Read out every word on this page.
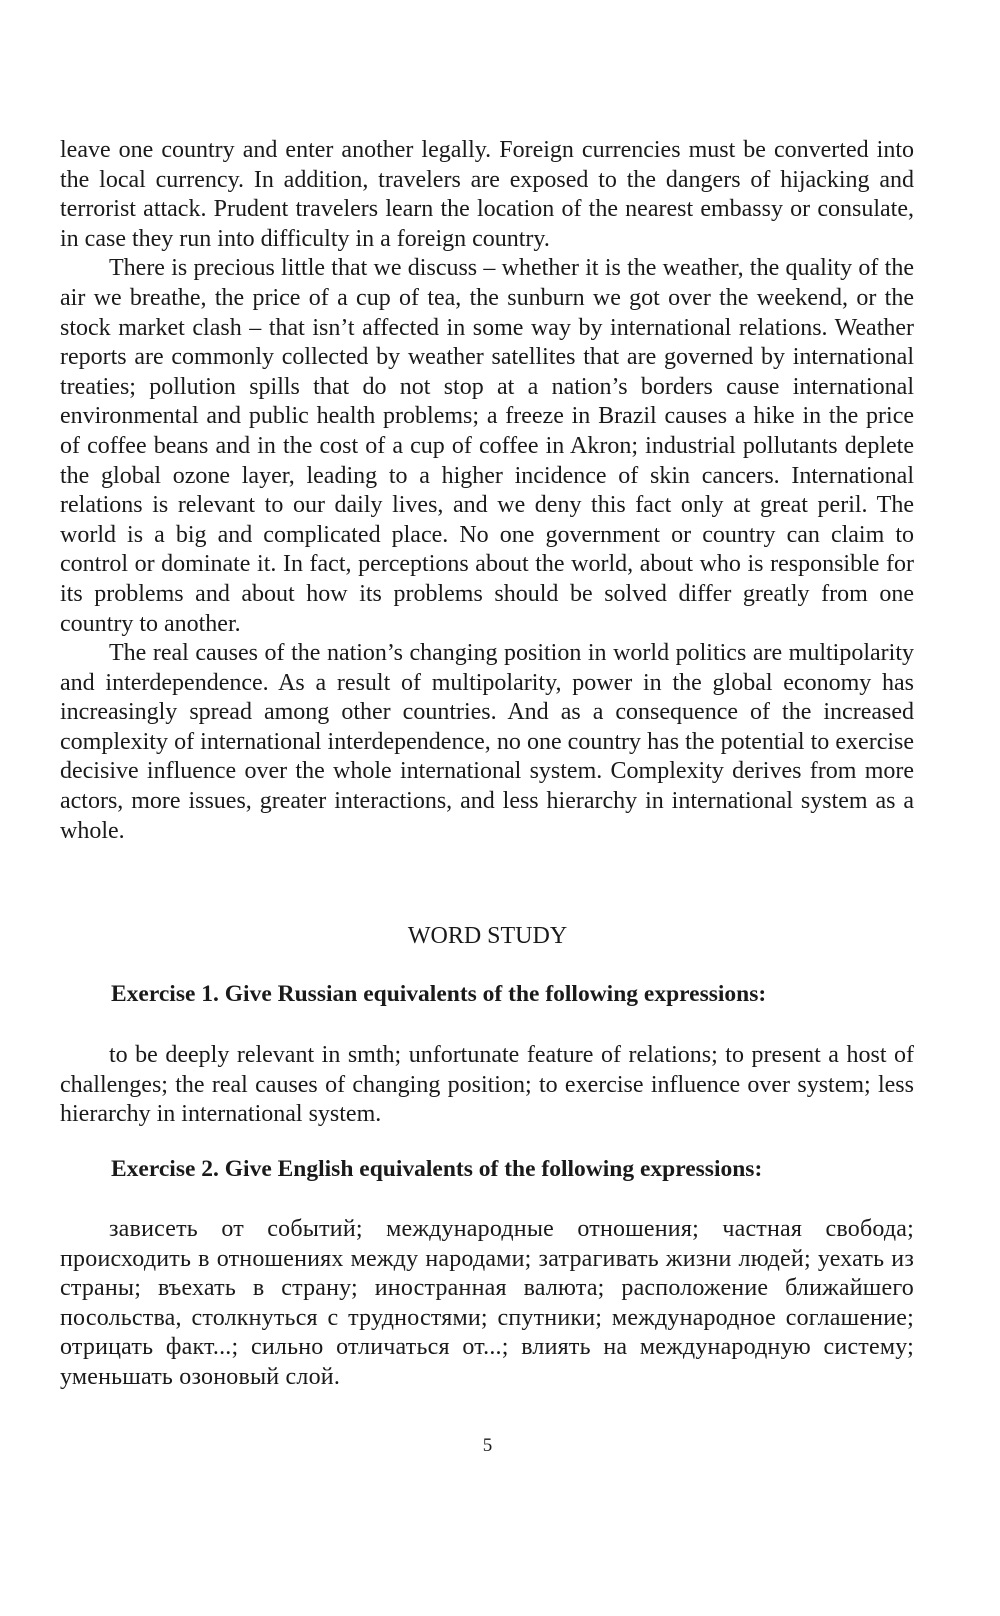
leave one country and enter another legally. Foreign currencies must be converted into the local currency. In addition, travelers are exposed to the dangers of hijacking and terrorist attack. Prudent travelers learn the location of the nearest embassy or consulate, in case they run into difficulty in a foreign country.

There is precious little that we discuss – whether it is the weather, the quality of the air we breathe, the price of a cup of tea, the sunburn we got over the weekend, or the stock market clash – that isn’t affected in some way by international relations. Weather reports are commonly collected by weather satellites that are governed by international treaties; pollution spills that do not stop at a nation’s borders cause international environmental and public health problems; a freeze in Brazil causes a hike in the price of coffee beans and in the cost of a cup of coffee in Akron; industrial pollutants deplete the global ozone layer, leading to a higher incidence of skin cancers. International relations is relevant to our daily lives, and we deny this fact only at great peril. The world is a big and complicated place. No one government or country can claim to control or dominate it. In fact, perceptions about the world, about who is responsible for its problems and about how its problems should be solved differ greatly from one country to another.

The real causes of the nation’s changing position in world politics are multipolarity and interdependence. As a result of multipolarity, power in the global economy has increasingly spread among other countries. And as a consequence of the increased complexity of international interdependence, no one country has the potential to exercise decisive influence over the whole international system. Complexity derives from more actors, more issues, greater interactions, and less hierarchy in international system as a whole.

WORD STUDY
Exercise 1. Give Russian equivalents of the following expressions:

to be deeply relevant in smth; unfortunate feature of relations; to present a host of challenges; the real causes of changing position; to exercise influence over system; less hierarchy in international system.

Exercise 2. Give English equivalents of the following expressions:

зависеть от событий; международные отношения; частная свобода; происходить в отношениях между народами; затрагивать жизни людей; уехать из страны; въехать в страну; иностранная валюта; расположение ближайшего посольства, столкнуться с трудностями; спутники; международное соглашение; отрицать факт...; сильно отличаться от...; влиять на международную систему; уменьшать озоновый слой.

5
